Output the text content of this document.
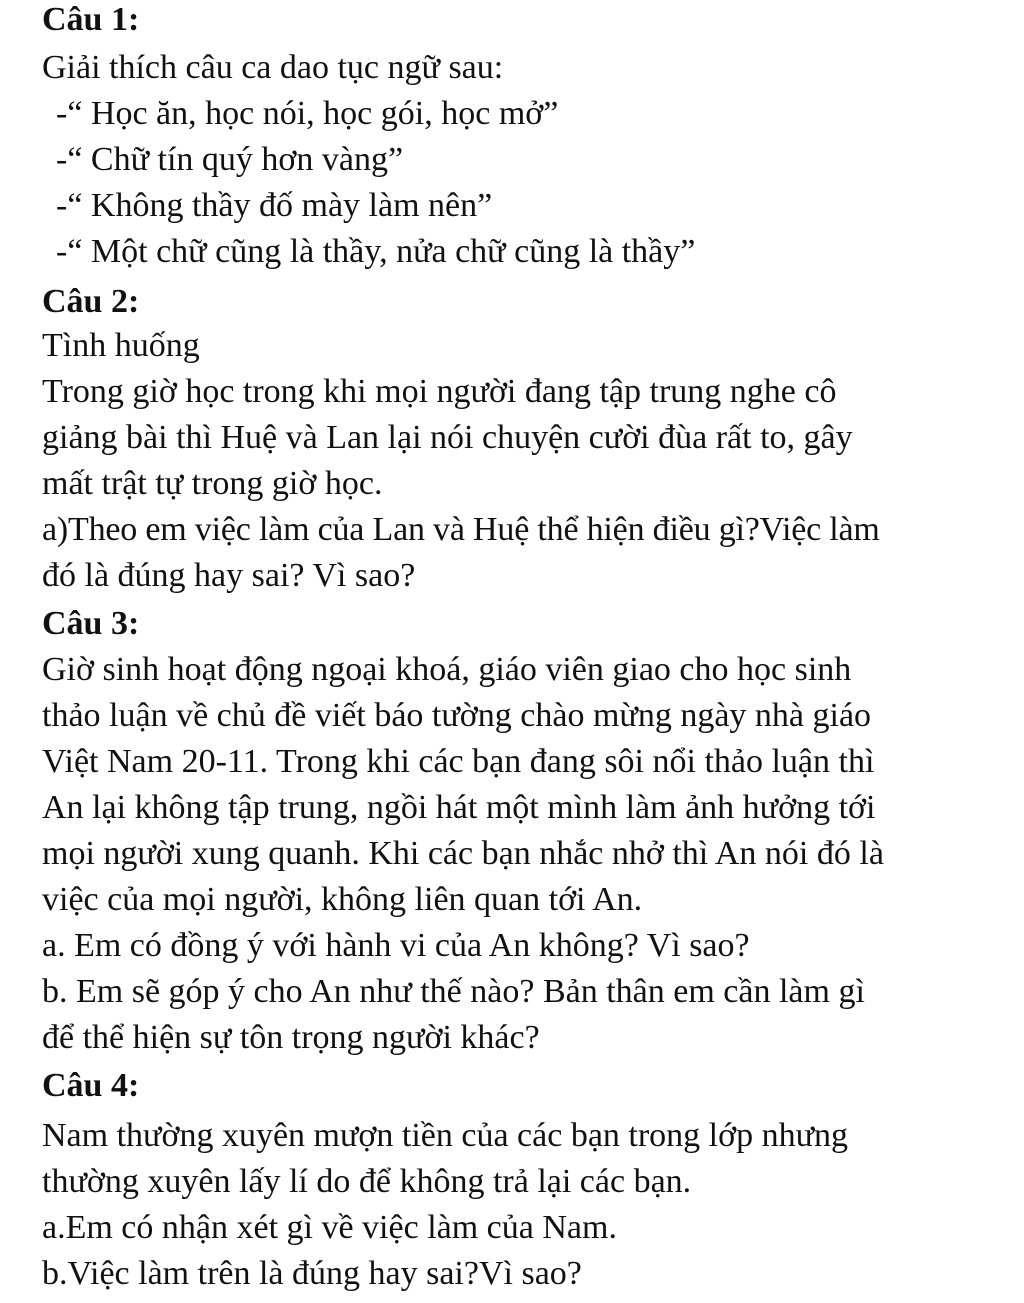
Câu 1:
Giải thích câu ca dao tục ngữ sau:
-“ Học ăn, học nói, học gói, học mở”
-“ Chữ tín quý hơn vàng”
-“ Không thầy đố mày làm nên”
-“ Một chữ cũng là thầy, nửa chữ cũng là thầy”
Câu 2:
Tình huống
Trong giờ học trong khi mọi người đang tập trung nghe cô
giảng bài thì Huệ và Lan lại nói chuyện cười đùa rất to, gây
mất trật tự trong giờ học.
a)Theo em việc làm của Lan và Huệ thể hiện điều gì?Việc làm
đó là đúng hay sai? Vì sao?
Câu 3:
Giờ sinh hoạt động ngoại khoá, giáo viên giao cho học sinh
thảo luận về chủ đề viết báo tường chào mừng ngày nhà giáo
Việt Nam 20-11. Trong khi các bạn đang sôi nổi thảo luận thì
An lại không tập trung, ngồi hát một mình làm ảnh hưởng tới
mọi người xung quanh. Khi các bạn nhắc nhở thì An nói đó là
việc của mọi người, không liên quan tới An.
a. Em có đồng ý với hành vi của An không? Vì sao?
b. Em sẽ góp ý cho An như thế nào? Bản thân em cần làm gì
để thể hiện sự tôn trọng người khác?
Câu 4:
Nam thường xuyên mượn tiền của các bạn trong lớp nhưng
thường xuyên lấy lí do để không trả lại các bạn.
a.Em có nhận xét gì về việc làm của Nam.
b.Việc làm trên là đúng hay sai?Vì sao?
